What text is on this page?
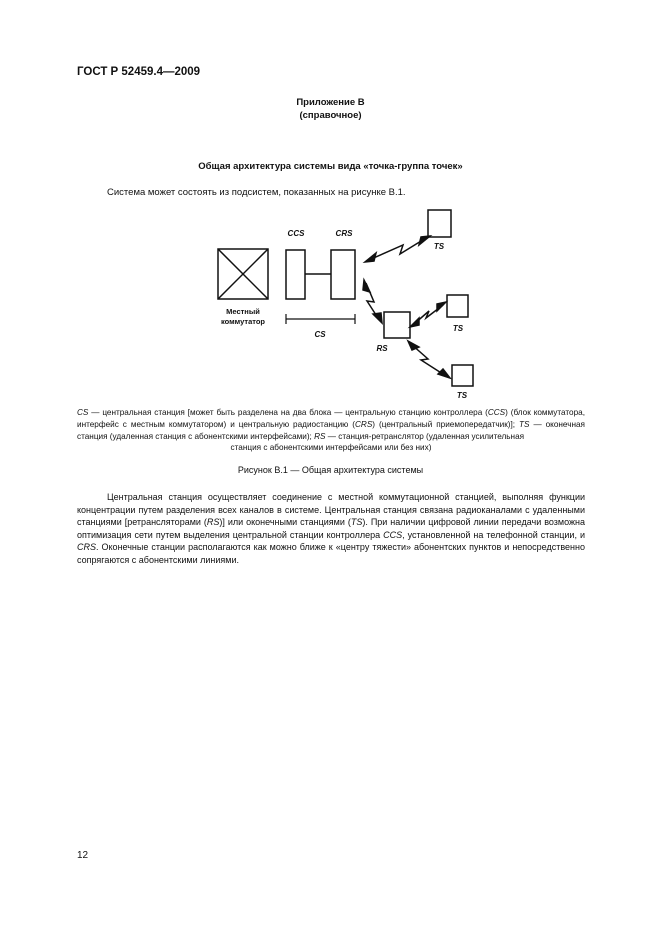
ГОСТ Р 52459.4—2009
Приложение В
(справочное)
Общая архитектура системы вида «точка-группа точек»
Система может состоять из подсистем, показанных на рисунке В.1.
Местный
коммутатор
CCS	CRS
CS
TS
RS
TS
TS
CS — центральная станция [может быть разделена на два блока — центральную станцию контроллера (CCS) (блок коммутатора, интерфейс с местным коммутатором) и центральную радиостанцию (CRS) (центральный приемопередатчик)]; TS — оконечная станция (удаленная станция с абонентскими интерфейсами); RS — станция-ретранслятор (удаленная усилительная
станция с абонентскими интерфейсами или без них)
Рисунок В.1 — Общая архитектура системы

Центральная станция осуществляет соединение с местной коммутационной станцией, выполняя функции концентрации путем разделения всех каналов в системе. Центральная станция связана радиоканалами с удаленными станциями [ретрансляторами (RS)] или оконечными станциями (TS). При наличии цифровой линии передачи возможна оптимизация сети путем выделения центральной станции контроллера CCS, установленной на телефонной станции, и CRS. Оконечные станции располагаются как можно ближе к «центру тяжести» абонентских пунктов и непосредственно сопрягаются с абонентскими линиями.

12
